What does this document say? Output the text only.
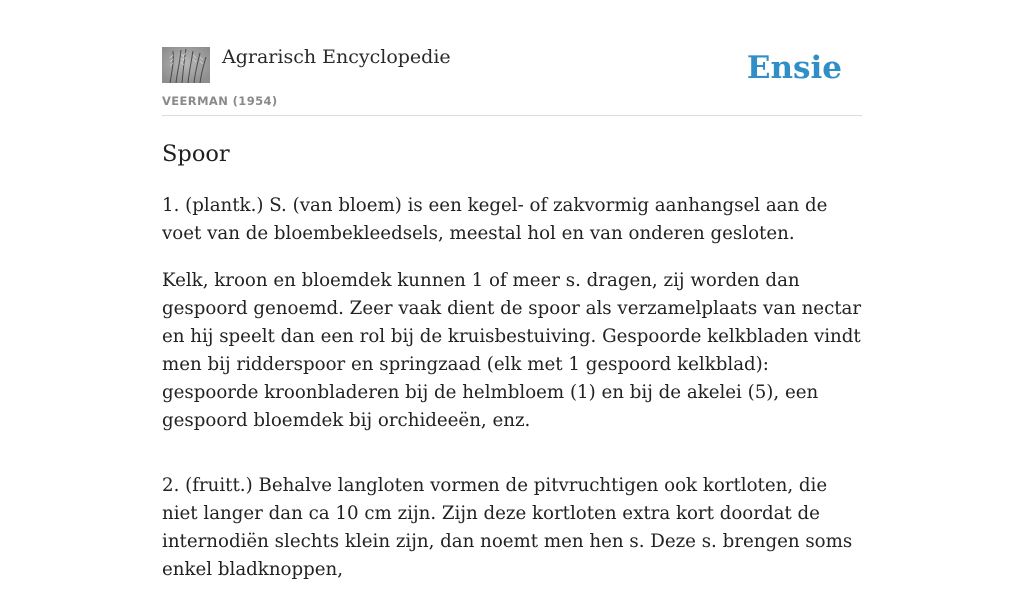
Agrarisch Encyclopedie
VEERMAN (1954)
Ensie
Spoor

1. (plantk.) S. (van bloem) is een kegel- of zakvormig aanhangsel aan de voet van de bloembekleedsels, meestal hol en van onderen gesloten.

Kelk, kroon en bloemdek kunnen 1 of meer s. dragen, zij worden dan gespoord genoemd. Zeer vaak dient de spoor als verzamelplaats van nectar en hij speelt dan een rol bij de kruisbestuiving. Gespoorde kelkbladen vindt men bij ridderspoor en springzaad (elk met 1 gespoord kelkblad): gespoorde kroonbladeren bij de helmbloem (1) en bij de akelei (5), een gespoord bloemdek bij orchideeën, enz.

2. (fruitt.) Behalve langloten vormen de pitvruchtigen ook kortloten, die niet langer dan ca 10 cm zijn. Zijn deze kortloten extra kort doordat de internodiën slechts klein zijn, dan noemt men hen s. Deze s. brengen soms enkel bladknoppen,
